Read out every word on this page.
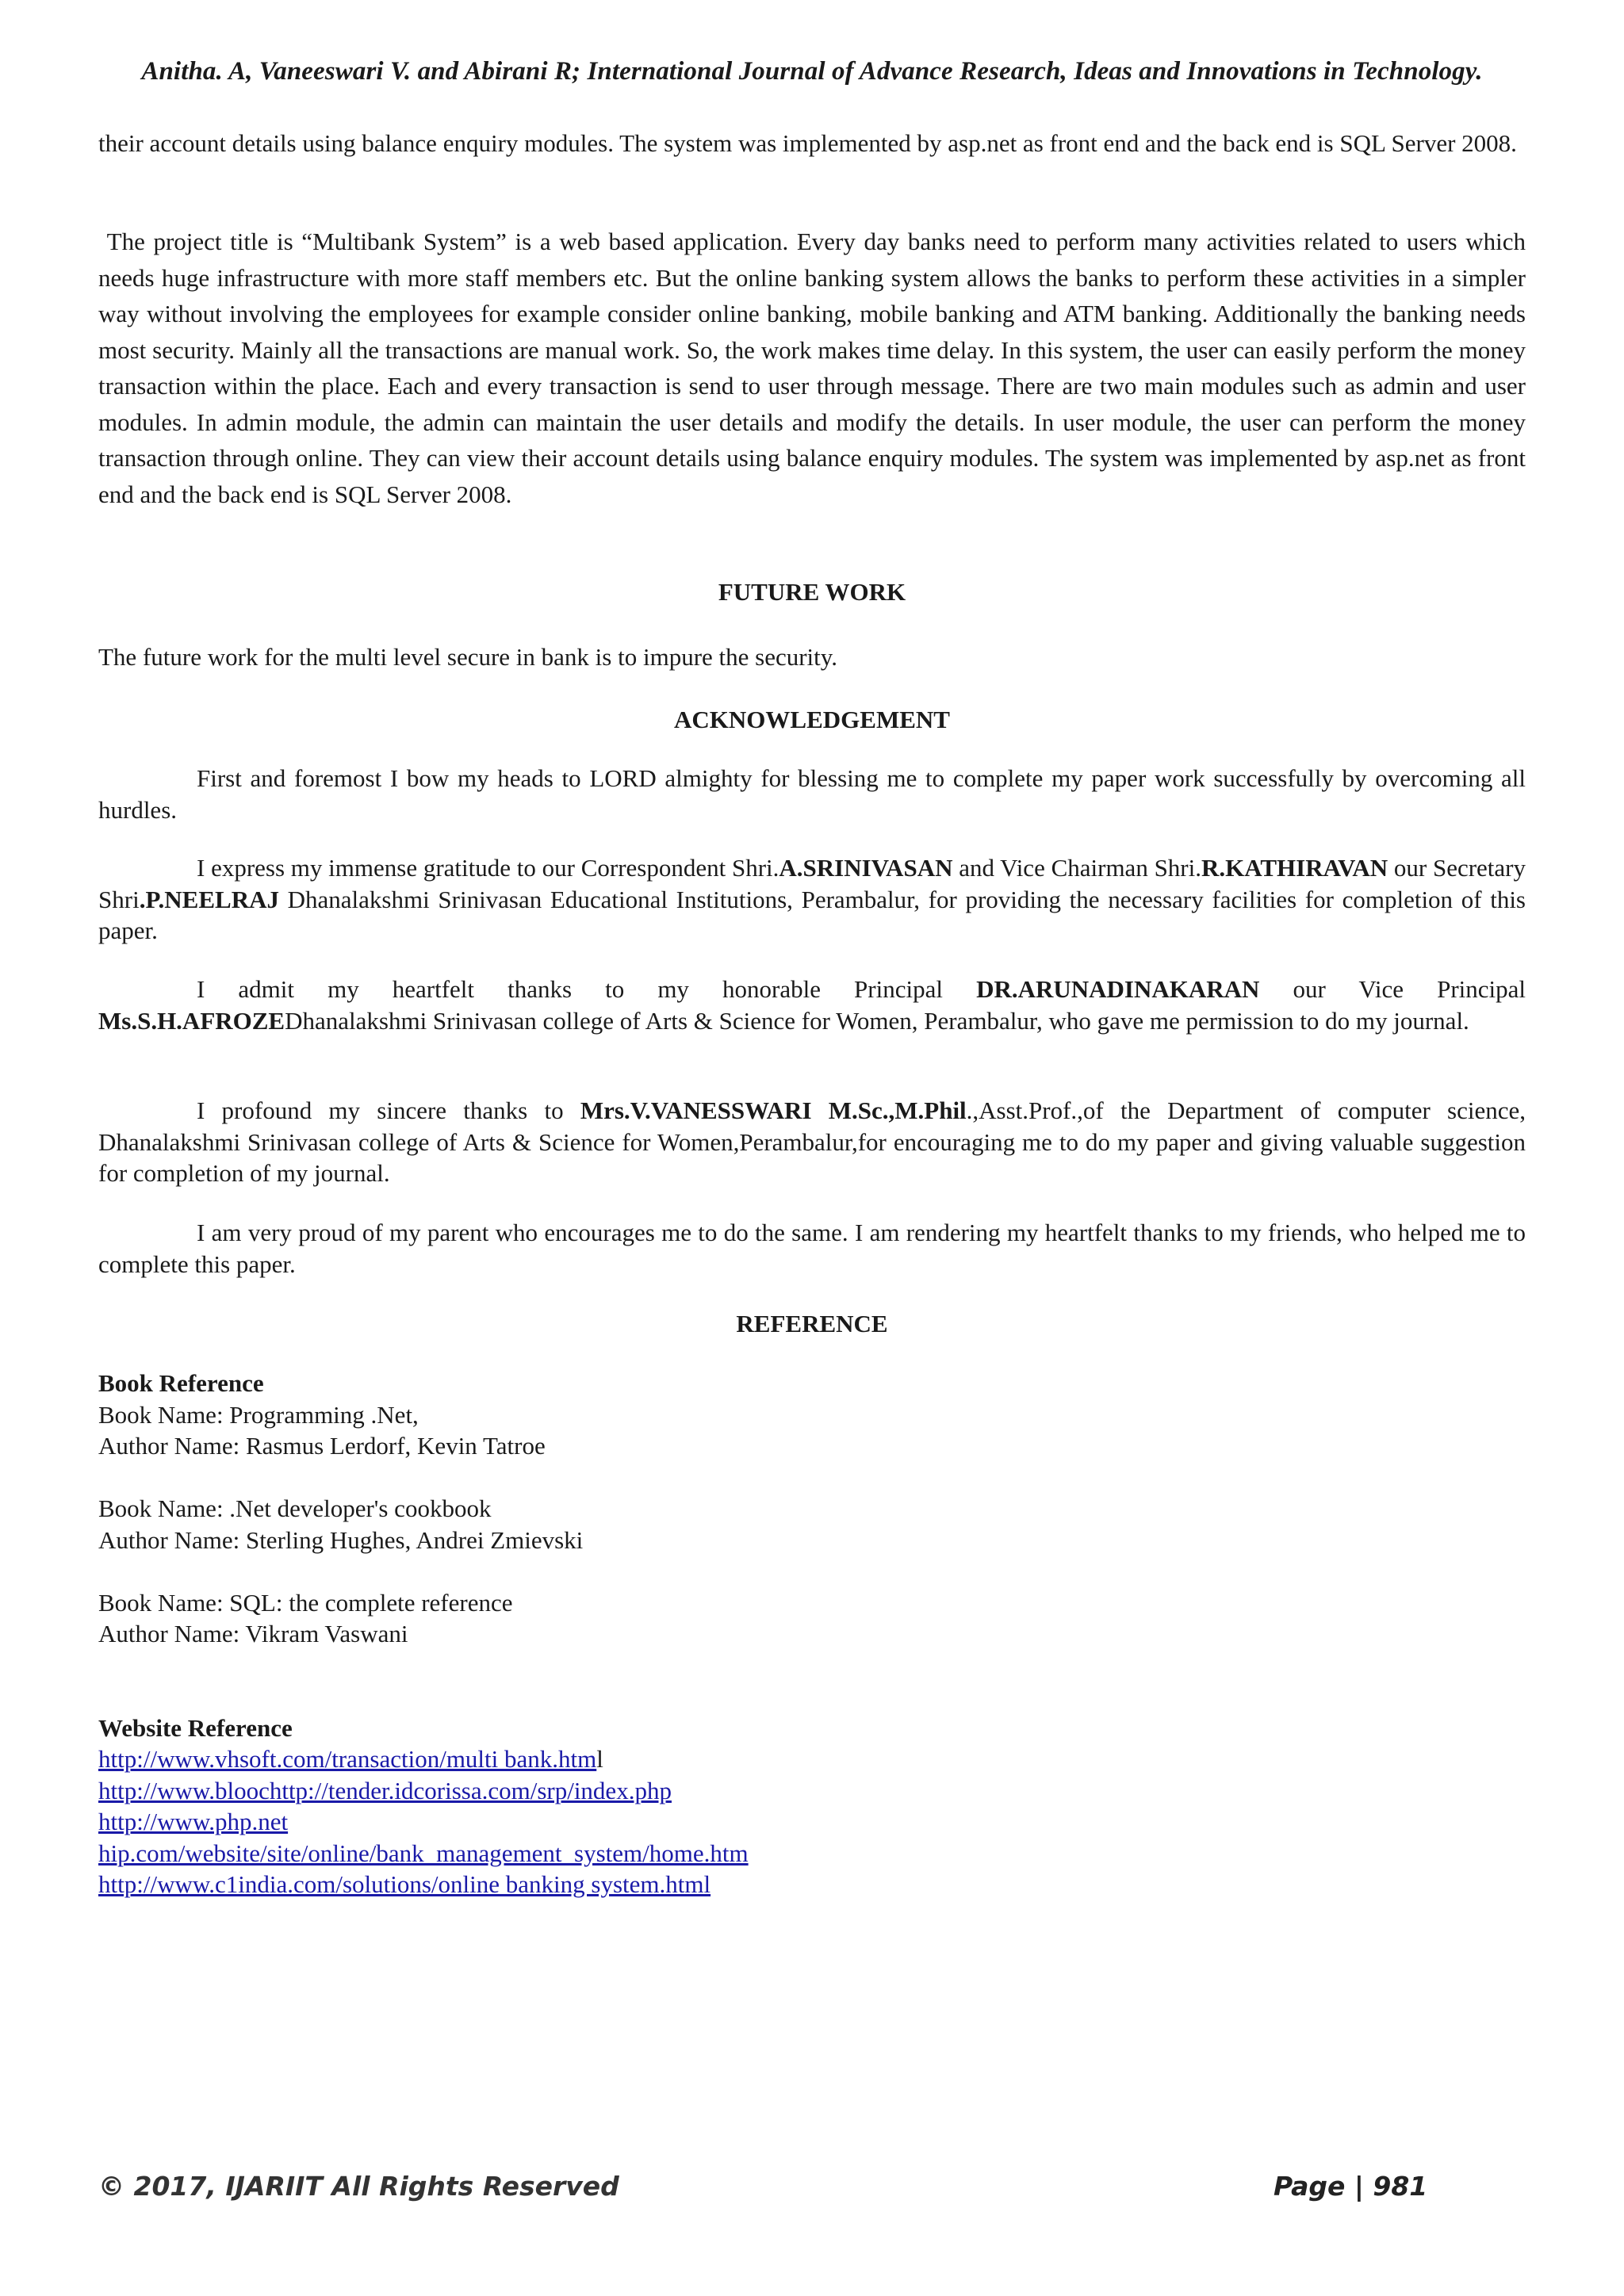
Anitha. A, Vaneeswari V. and Abirani R; International Journal of Advance Research, Ideas and Innovations in Technology.

their account details using balance enquiry modules. The system was implemented by asp.net as front end and the back end is SQL Server 2008.

The project title is “Multibank System” is a web based application. Every day banks need to perform many activities related to users which needs huge infrastructure with more staff members etc. But the online banking system allows the banks to perform these activities in a simpler way without involving the employees for example consider online banking, mobile banking and ATM banking. Additionally the banking needs most security. Mainly all the transactions are manual work. So, the work makes time delay. In this system, the user can easily perform the money transaction within the place. Each and every transaction is send to user through message. There are two main modules such as admin and user modules. In admin module, the admin can maintain the user details and modify the details. In user module, the user can perform the money transaction through online. They can view their account details using balance enquiry modules. The system was implemented by asp.net as front end and the back end is SQL Server 2008.

FUTURE WORK

The future work for the multi level secure in bank is to impure the security.

ACKNOWLEDGEMENT

First and foremost I bow my heads to LORD almighty for blessing me to complete my paper work successfully by overcoming all hurdles.

I express my immense gratitude to our Correspondent Shri.A.SRINIVASAN and Vice Chairman Shri.R.KATHIRAVAN our Secretary Shri.P.NEELRAJ Dhanalakshmi Srinivasan Educational Institutions, Perambalur, for providing the necessary facilities for completion of this paper.

I admit my heartfelt thanks to my honorable Principal DR.ARUNADINAKARAN our Vice Principal Ms.S.H.AFROZEDhanalakshmi Srinivasan college of Arts & Science for Women, Perambalur, who gave me permission to do my journal.

I profound my sincere thanks to Mrs.V.VANESSWARI M.Sc.,M.Phil.,Asst.Prof.,of the Department of computer science, Dhanalakshmi Srinivasan college of Arts & Science for Women,Perambalur,for encouraging me to do my paper and giving valuable suggestion for completion of my journal.

I am very proud of my parent who encourages me to do the same. I am rendering my heartfelt thanks to my friends, who helped me to complete this paper.

REFERENCE
Book Reference
Book Name: Programming .Net,
Author Name: Rasmus Lerdorf, Kevin Tatroe
Book Name: .Net developer's cookbook
Author Name: Sterling Hughes, Andrei Zmievski
Book Name: SQL: the complete reference
Author Name: Vikram Vaswani
Website Reference
http://www.vhsoft.com/transaction/multi bank.html
http://www.bloochttp://tender.idcorissa.com/srp/index.php
http://www.php.net
hip.com/website/site/online/bank_management_system/home.htm
http://www.c1india.com/solutions/online banking system.html
© 2017, IJARIIT All Rights Reserved	Page | 981
